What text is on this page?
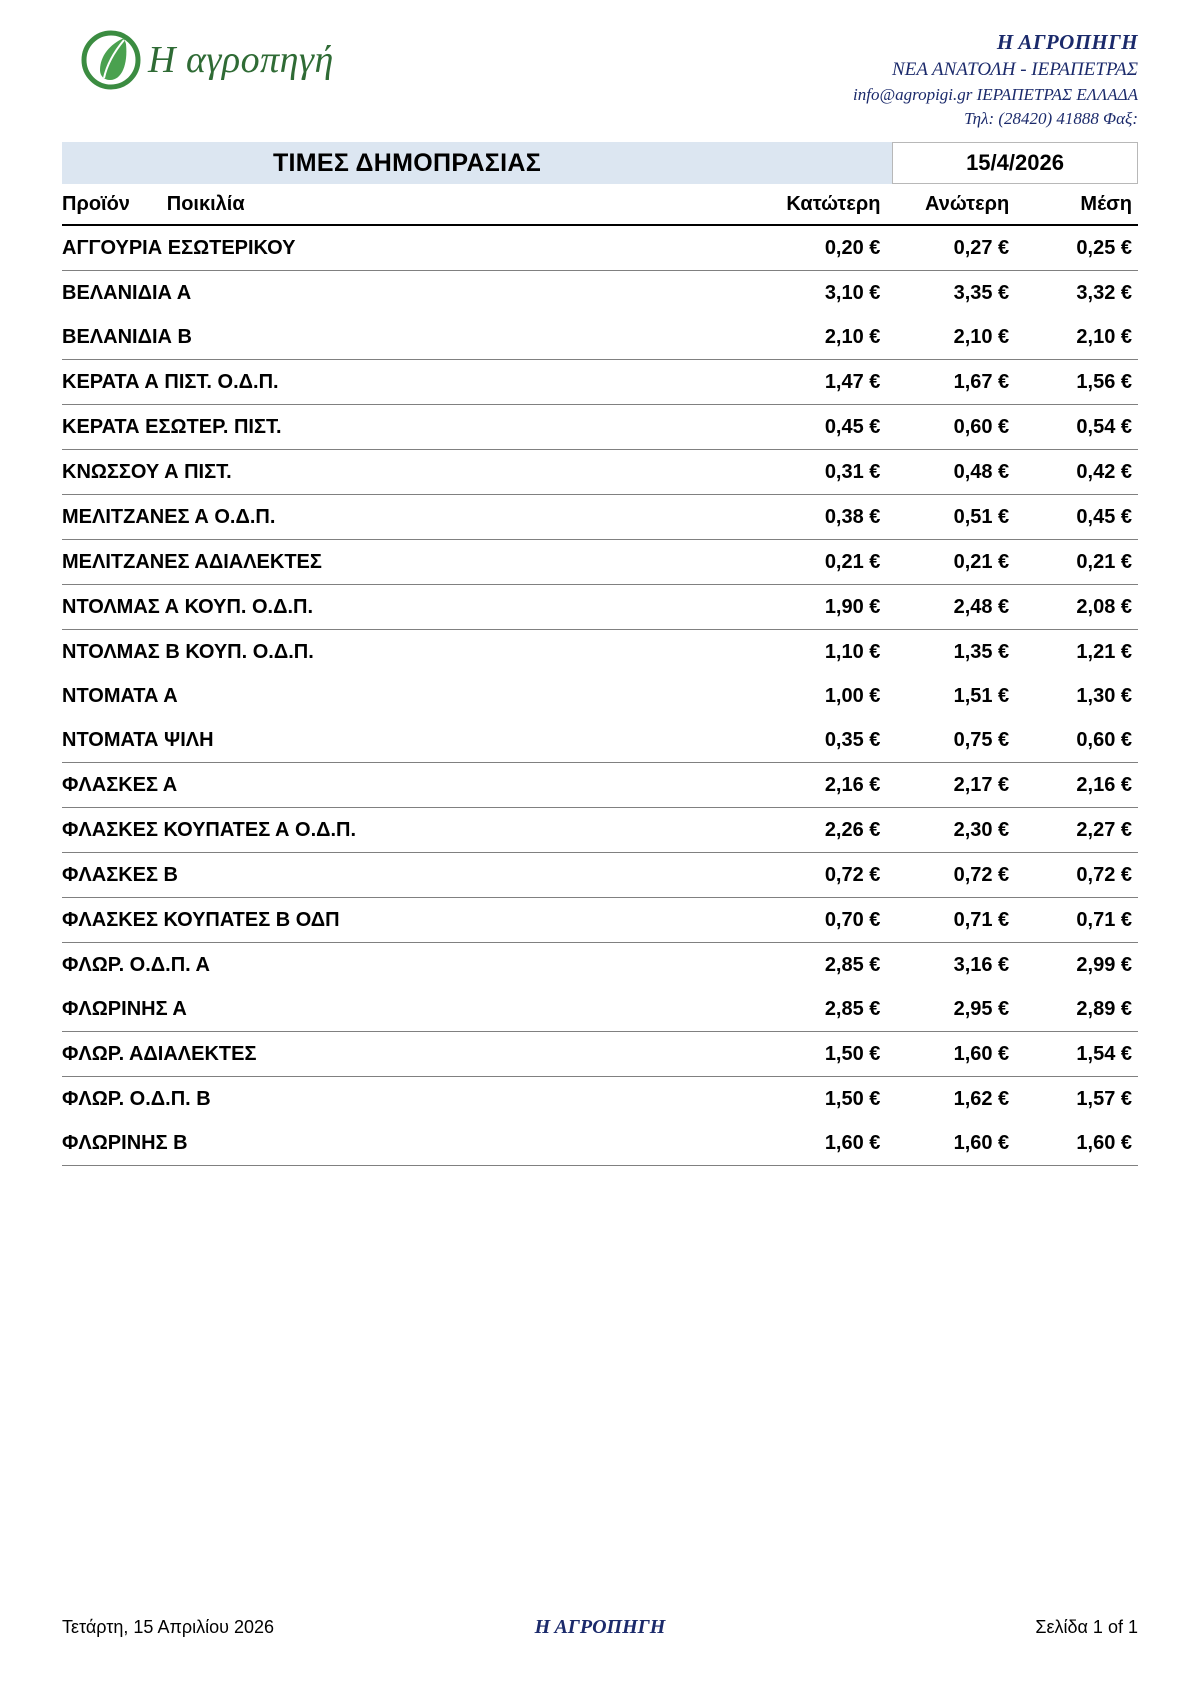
Η αγροπηγή	Η ΑΓΡΟΠΗΓΗ
ΝΕΑ ΑΝΑΤΟΛΗ - ΙΕΡΑΠΕΤΡΑΣ
info@agropigi.gr ΙΕΡΑΠΕΤΡΑΣ ΕΛΛΑΔΑ
Τηλ: (28420) 41888 Φαξ:
ΤΙΜΕΣ ΔΗΜΟΠΡΑΣΙΑΣ	15/4/2026
Προϊόν	Ποικιλία		Κατώτερη	Ανώτερη	Μέση
ΑΓΓΟΥΡΙΑ ΕΣΩΤΕΡΙΚΟΥ			0,20 €	0,27 €	0,25 €
ΒΕΛΑΝΙΔΙΑ Α			3,10 €	3,35 €	3,32 €
ΒΕΛΑΝΙΔΙΑ Β			2,10 €	2,10 €	2,10 €
ΚΕΡΑΤΑ Α ΠΙΣΤ. Ο.Δ.Π.			1,47 €	1,67 €	1,56 €
ΚΕΡΑΤΑ ΕΣΩΤΕΡ. ΠΙΣΤ.			0,45 €	0,60 €	0,54 €
ΚΝΩΣΣΟΥ Α ΠΙΣΤ.			0,31 €	0,48 €	0,42 €
ΜΕΛΙΤΖΑΝΕΣ Α Ο.Δ.Π.			0,38 €	0,51 €	0,45 €
ΜΕΛΙΤΖΑΝΕΣ ΑΔΙΑΛΕΚΤΕΣ			0,21 €	0,21 €	0,21 €
ΝΤΟΛΜΑΣ Α ΚΟΥΠ. Ο.Δ.Π.			1,90 €	2,48 €	2,08 €
ΝΤΟΛΜΑΣ Β ΚΟΥΠ. Ο.Δ.Π.			1,10 €	1,35 €	1,21 €
ΝΤΟΜΑΤΑ Α			1,00 €	1,51 €	1,30 €
ΝΤΟΜΑΤΑ ΨΙΛΗ			0,35 €	0,75 €	0,60 €
ΦΛΑΣΚΕΣ Α			2,16 €	2,17 €	2,16 €
ΦΛΑΣΚΕΣ ΚΟΥΠΑΤΕΣ Α Ο.Δ.Π.			2,26 €	2,30 €	2,27 €
ΦΛΑΣΚΕΣ Β			0,72 €	0,72 €	0,72 €
ΦΛΑΣΚΕΣ ΚΟΥΠΑΤΕΣ Β ΟΔΠ			0,70 €	0,71 €	0,71 €
ΦΛΩΡ. Ο.Δ.Π. Α			2,85 €	3,16 €	2,99 €
ΦΛΩΡΙΝΗΣ Α			2,85 €	2,95 €	2,89 €
ΦΛΩΡ. ΑΔΙΑΛΕΚΤΕΣ			1,50 €	1,60 €	1,54 €
ΦΛΩΡ. Ο.Δ.Π. Β			1,50 €	1,62 €	1,57 €
ΦΛΩΡΙΝΗΣ Β			1,60 €	1,60 €	1,60 €
Τετάρτη, 15 Απριλίου 2026	Η ΑΓΡΟΠΗΓΗ	Σελίδα 1 of 1
